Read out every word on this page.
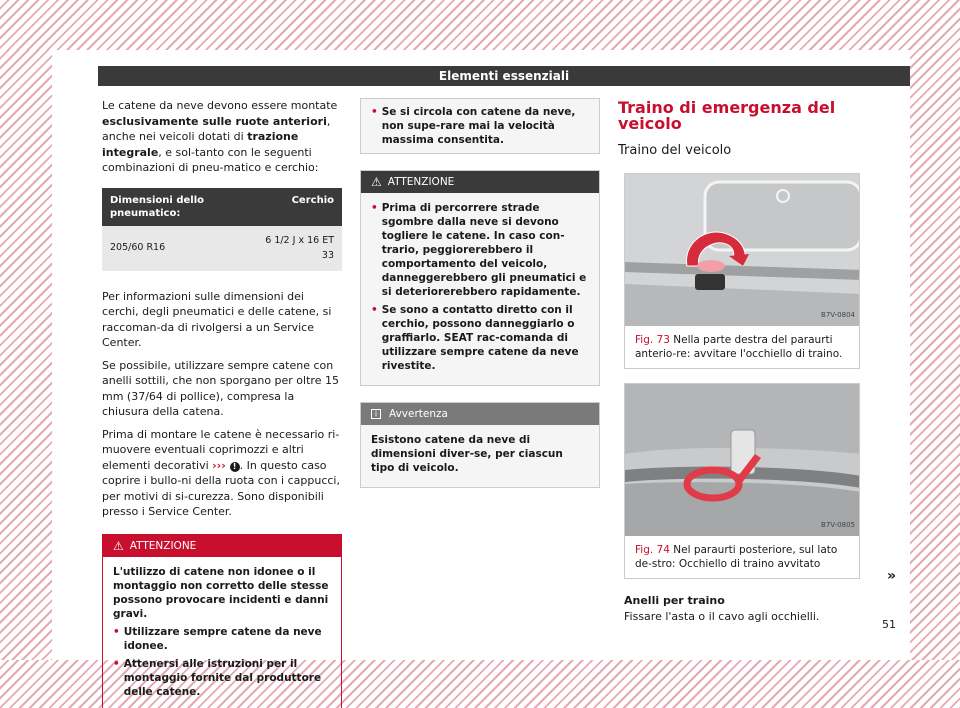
Elementi essenziali

Le catene da neve devono essere montate esclusivamente sulle ruote anteriori, anche nei veicoli dotati di trazione integrale, e sol-tanto con le seguenti combinazioni di pneu-matico e cerchio:

Dimensioni dello pneumatico:	Cerchio
205/60 R16	6 1/2 J x 16 ET 33

Per informazioni sulle dimensioni dei cerchi, degli pneumatici e delle catene, si raccoman-da di rivolgersi a un Service Center.

Se possibile, utilizzare sempre catene con anelli sottili, che non sporgano per oltre 15 mm (37/64 di pollice), compresa la chiusura della catena.

Prima di montare le catene è necessario ri-muovere eventuali coprimozzi e altri elementi decorativi ››› ! . In questo caso coprire i bullo-ni della ruota con i cappucci, per motivi di si-curezza. Sono disponibili presso i Service Center.

⚠ ATTENZIONE
L'utilizzo di catene non idonee o il montaggio non corretto delle stesse possono provocare incidenti e danni gravi.
• Utilizzare sempre catene da neve idonee.
• Attenersi alle istruzioni per il montaggio fornite dal produttore delle catene.
• Se si circola con catene da neve, non supe-rare mai la velocità massima consentita.
⚠ ATTENZIONE
• Prima di percorrere strade sgombre dalla neve si devono togliere le catene. In caso con-trario, peggiorerebbero il comportamento del veicolo, danneggerebbero gli pneumatici e si deteriorerebbero rapidamente.
• Se sono a contatto diretto con il cerchio, possono danneggiarlo o graffiarlo. SEAT rac-comanda di utilizzare sempre catene da neve rivestite.
i	Avvertenza
Esistono catene da neve di dimensioni diver-se, per ciascun tipo di veicolo.
Traino di emergenza del veicolo
Traino del veicolo
B7V-0804
Fig. 73 Nella parte destra del paraurti anterio-re: avvitare l'occhiello di traino.
B7V-0805
Fig. 74 Nel paraurti posteriore, sul lato de-stro: Occhiello di traino avvitato
Anelli per traino
Fissare l'asta o il cavo agli occhielli.
»
51
